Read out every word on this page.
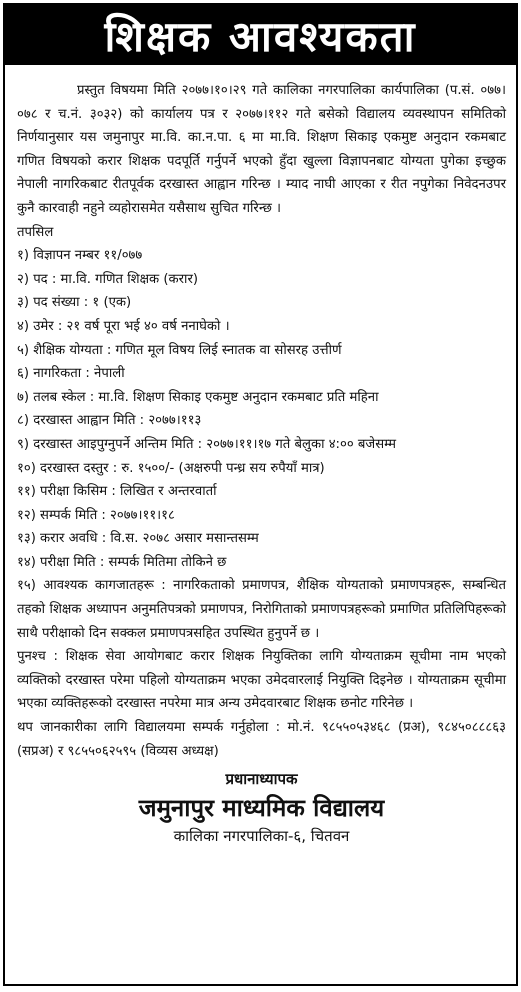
शिक्षक आवश्यकता

प्रस्तुत विषयमा मिति २०७७।१०।२९ गते कालिका नगरपालिका कार्यपालिका (प.सं. ०७७।०७८ र च.नं. ३०३२) को कार्यालय पत्र र २०७७।११२ गते बसेको विद्यालय व्यवस्थापन समितिको निर्णयानुसार यस जमुनापुर मा.वि. का.न.पा. ६ मा मा.वि. शिक्षण सिकाइ एकमुष्ट अनुदान रकमबाट गणित विषयको करार शिक्षक पदपूर्ति गर्नुपर्ने भएको हुँदा खुल्ला विज्ञापनबाट योग्यता पुगेका इच्छुक नेपाली नागरिकबाट रीतपूर्वक दरखास्त आह्वान गरिन्छ । म्याद नाघी आएका र रीत नपुगेका निवेदनउपर कुनै कारवाही नहुने व्यहोरासमेत यसैसाथ सुचित गरिन्छ ।

तपसिल

१) विज्ञापन नम्बर ११/०७७

२) पद : मा.वि. गणित शिक्षक (करार)

३) पद संख्या : १ (एक)

४) उमेर : २१ वर्ष पूरा भई ४० वर्ष ननाघेको ।

५) शैक्षिक योग्यता : गणित मूल विषय लिई स्नातक वा सोसरह उत्तीर्ण

६) नागरिकता : नेपाली

७) तलब स्केल : मा.वि. शिक्षण सिकाइ एकमुष्ट अनुदान रकमबाट प्रति महिना

८) दरखास्त आह्वान मिति : २०७७।११३

९) दरखास्त आइपुग्नुपर्ने अन्तिम मिति : २०७७।११।१७ गते बेलुका ४:०० बजेसम्म

१०) दरखास्त दस्तुर : रु. १५००/- (अक्षरुपी पन्ध्र सय रुपैयाँ मात्र)

११) परीक्षा किसिम : लिखित र अन्तरवार्ता

१२) सम्पर्क मिति : २०७७।११।१८

१३) करार अवधि : वि.स. २०७८ असार मसान्तसम्म

१४) परीक्षा मिति : सम्पर्क मितिमा तोकिने छ

१५) आवश्यक कागजातहरू : नागरिकताको प्रमाणपत्र, शैक्षिक योग्यताको प्रमाणपत्रहरू, सम्बन्धित तहको शिक्षक अध्यापन अनुमतिपत्रको प्रमाणपत्र, निरोगिताको प्रमाणपत्रहरूको प्रमाणित प्रतिलिपिहरूको साथै परीक्षाको दिन सक्कल प्रमाणपत्रसहित उपस्थित हुनुपर्ने छ ।

पुनश्च : शिक्षक सेवा आयोगबाट करार शिक्षक नियुक्तिका लागि योग्यताक्रम सूचीमा नाम भएको व्यक्तिको दरखास्त परेमा पहिलो योग्यताक्रम भएका उमेदवारलाई नियुक्ति दिइनेछ । योग्यताक्रम सूचीमा भएका व्यक्तिहरूको दरखास्त नपरेमा मात्र अन्य उमेदवारबाट शिक्षक छनोट गरिनेछ ।

थप जानकारीका लागि विद्यालयमा सम्पर्क गर्नुहोला : मो.नं. ९८५५०५३४६८ (प्रअ), ९८४५०८८८६३ (सप्रअ) र ९८५५०६२५९५ (विव्यस अध्यक्ष)

प्रधानाध्यापक
जमुनापुर माध्यमिक विद्यालय
कालिका नगरपालिका-६, चितवन
